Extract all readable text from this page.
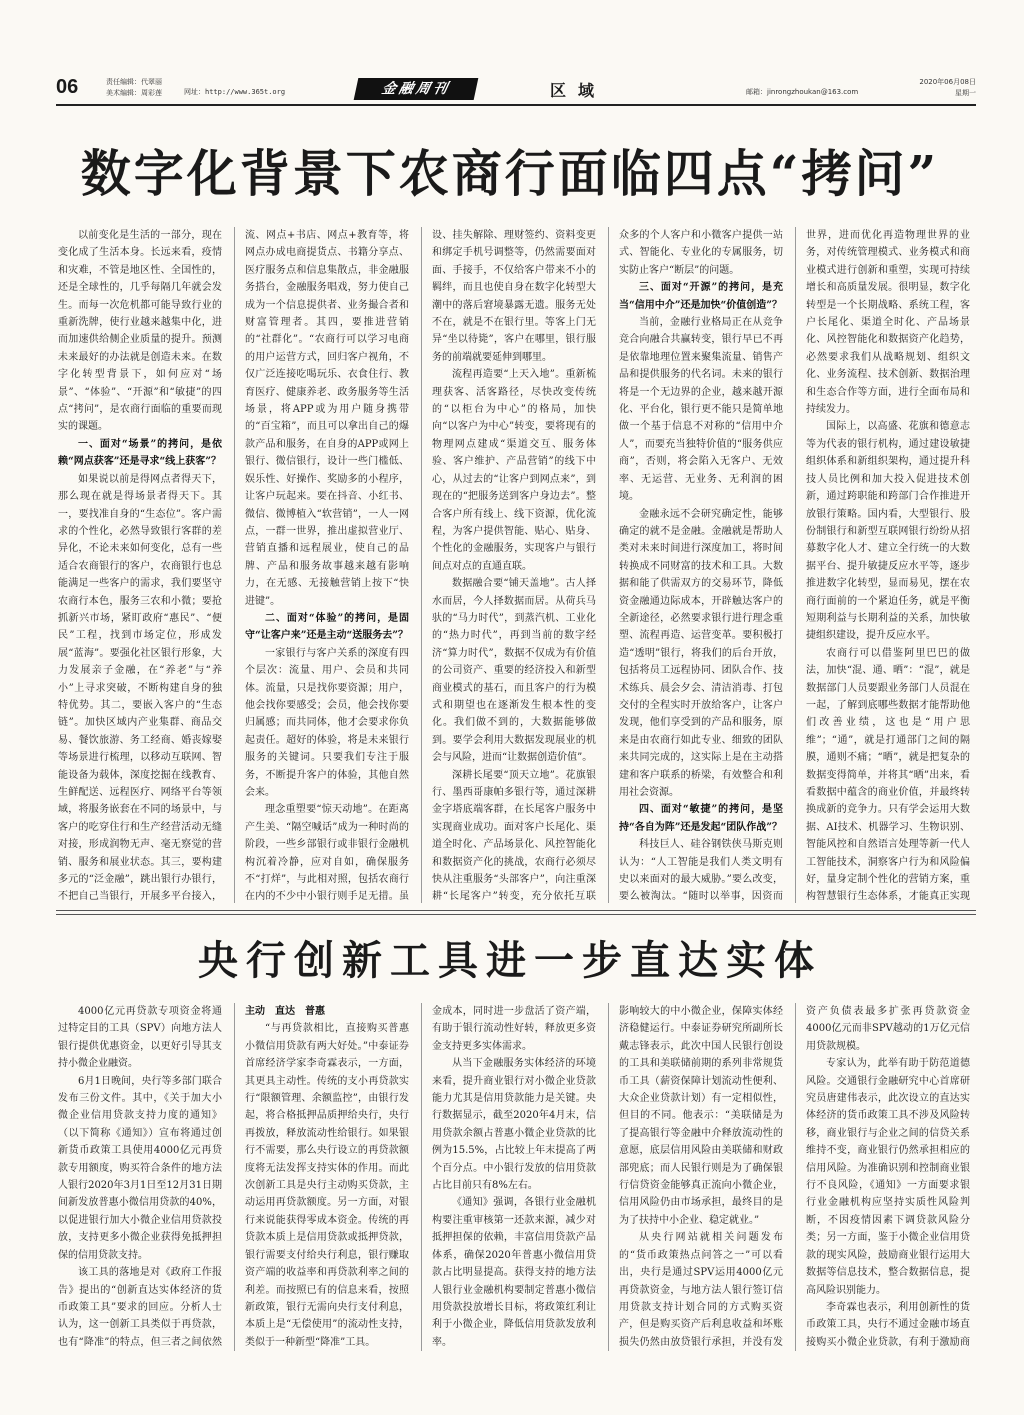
06	责任编辑：代翠丽
美术编辑：周彩莲	网址：http://www.365t.org	金融周刊	区域	邮箱：jinrongzhoukan@163.com
2020年06月08日
星期一
数字化背景下农商行面临四点“拷问”

以前变化是生活的一部分，现在变化成了生活本身。长远来看，疫情和灾难，不管是地区性、全国性的，还是全球性的，几乎每隔几年就会发生。而每一次危机都可能导致行业的重新洗牌，使行业越来越集中化，进而加速供给侧企业质量的提升。预测未来最好的办法就是创造未来。在数字化转型背景下，如何应对“场景”、“体验”、“开源”和“敏捷”的四点“拷问”，是农商行面临的重要而现实的课题。

一、面对“场景”的拷问，是依赖“网点获客”还是寻求“线上获客”？

如果说以前是得网点者得天下，那么现在就是得场景者得天下。其一，要找准自身的“生态位”。客户需求的个性化，必然导致银行客群的差异化，不论未来如何变化，总有一些适合农商银行的客户，农商银行也总能满足一些客户的需求，我们要坚守农商行本色，服务三农和小微；要抢抓新兴市场，紧盯政府“惠民”、“便民”工程，找到市场定位，形成发展“蓝海”。要强化社区银行形象，大力发展亲子金融，在“养老”与“养小”上寻求突破，不断构建自身的独特优势。其二，要嵌入客户的“生态链”。加快区域内产业集群、商品交易、餐饮旅游、务工经商、婚丧嫁娶等场景进行梳理，以移动互联网、智能设备为载体，深度挖掘在线教育、生鲜配送、远程医疗、网络平台等领域，将服务嵌套在不同的场景中，与客户的吃穿住行和生产经营活动无缝对接，形成润物无声、毫无察觉的营销、服务和展业状态。其三，要构建多元的“泛金融”，跳出银行办银行，不把自己当银行，开展多平台接入，

流、网点+书店、网点+教育等，将网点办成电商提货点、书籍分享点、医疗服务点和信息集散点，非金融服务搭台，金融服务唱戏，努力使自己成为一个信息提供者、业务撮合者和财富管理者。其四，要推进营销的“社群化”。“农商行可以学习电商的用户运营方式，回归客户视角，不仅广泛连接吃喝玩乐、衣食住行、教育医疗、健康养老、政务服务等生活场景，将APP或为用户随身携带的“百宝箱”，而且可以拿出自己的爆款产品和服务，在自身的APP或网上银行、微信银行，设计一些门槛低、娱乐性、好操作、奖励多的小程序，让客户玩起来。要在抖音、小红书、微信、微博植入“软营销”，一人一网点，一群一世界，推出虚拟营业厅、营销直播和远程展业，使自己的品牌、产品和服务故事越来越有影响力，在无感、无接触营销上按下“快进键”。

二、面对“体验”的拷问，是固守“让客户来”还是主动“送服务去”？

一家银行与客户关系的深度有四个层次：流量、用户、会员和共同体。流量，只是找你要资源；用户，他会找你要感受；会员，他会找你要归属感；而共同体，他才会要求你负起责任。超好的体验，将是未来银行服务的关键词。只要我们专注于服务，不断提升客户的体验，其他自然会来。

理念重塑要“惊天动地”。在距离产生美、“隔空喊话”成为一种时尚的阶段，一些乡部银行或非银行金融机构沉着冷静，应对自如，确保服务不“打烊”，与此相对照，包括农商行在内的不少中小银行则手足无措。虽

设、挂失解除、理财签约、资料变更和绑定手机号调整等，仍然需要面对面、手接手，不仅给客户带来不小的羁绊，而且也使自身在数字化转型大潮中的落后窘境暴露无遗。服务无处不在，就是不在银行里。等客上门无异“坐以待毙”，客户在哪里，银行服务的前端就要延伸到哪里。

流程再造要“上天入地”。重新梳理获客、活客路径，尽快改变传统的“以柜台为中心”的格局，加快向“以客户为中心”转变，要将现有的物理网点建成“渠道交互、服务体验、客户维护、产品营销”的线下中心，从过去的“让客户到网点来”，到现在的“把服务送到客户身边去”。整合客户所有线上、线下资源，优化流程，为客户提供智能、贴心、贴身、个性化的金融服务，实现客户与银行间点对点的直通直联。

数据融合要“铺天盖地”。古人择水而居，今人择数据而居。从荷兵马驮的“马力时代”，到蒸汽机、工业化的“热力时代”，再到当前的数字经济“算力时代”，数据不仅成为有价值的公司资产、重要的经济投入和新型商业模式的基石，而且客户的行为模式和期望也在逐渐发生根本性的变化。我们做不到的，大数据能够做到。要学会利用大数据发现展业的机会与风险，进而“让数据创造价值”。

深耕长尾要“顶天立地”。花旗银行、墨西哥康帕多银行等，通过深耕金字塔底端客群，在长尾客户服务中实现商业成功。面对客户长尾化、渠道全时化、产品场景化、风控智能化和数据资产化的挑战，农商行必须尽快从注重服务“头部客户”，向注重深耕“长尾客户”转变，充分依托互联

众多的个人客户和小微客户提供一站式、智能化、专业化的专属服务，切实防止客户“断层”的问题。

三、面对“开源”的拷问，是充当“信用中介”还是加快“价值创造”？

当前，金融行业格局正在从竞争竞合向融合共赢转变，银行早已不再是依靠地理位置来聚集流量、销售产品和提供服务的代名词。未来的银行将是一个无边界的企业，越来越开源化、平台化，银行更不能只是简单地做一个基于信息不对称的“信用中介人”，而要充当独特价值的“服务供应商”，否则，将会陷入无客户、无效率、无运营、无业务、无利润的困境。

金融永远不会研究确定性，能够确定的就不是金融。金融就是帮助人类对未来时间进行深度加工，将时间转换成不同财富的技术和工具。大数据和能了供需双方的交易环节，降低资金融通边际成本，开辟触达客户的全新途径，必然要求银行进行理念重塑、流程再造、运营变革。要积极打造“透明”银行，将我们的后台开放，包括将员工远程协同、团队合作、技术练兵、晨会夕会、清洁消毒、打包交付的全程实时开放给客户，让客户发现，他们享受到的产品和服务，原来是由农商行如此专业、细致的团队来共同完成的，这实际上是在主动搭建和客户联系的桥梁，有效整合和利用社会资源。

四、面对“敏捷”的拷问，是坚持“各自为阵”还是发起“团队作战”？

科技巨人、硅谷钢铁侠马斯克则认为：“人工智能是我们人类文明有史以来面对的最大威胁。”要么改变，要么被淘汰。“随时以举事，因资而

世界，进而优化再造物理世界的业务，对传统管理模式、业务模式和商业模式进行创新和重塑，实现可持续增长和高质量发展。很明显，数字化转型是一个长期战略、系统工程，客户长尾化、渠道全时化、产品场景化、风控智能化和数据资产化趋势，必然要求我们从战略规划、组织文化、业务流程、技术创新、数据治理和生态合作等方面，进行全面布局和持续发力。

国际上，以高盛、花旗和德意志等为代表的银行机构，通过建设敏捷组织体系和新组织架构，通过提升科技人员比例和加大投入促进技术创新，通过跨职能和跨部门合作推进开放银行策略。国内看，大型银行、股份制银行和新型互联网银行纷纷从招募数字化人才、建立全行统一的大数据平台、提升敏捷反应水平等，逐步推进数字化转型，显而易见，摆在农商行面前的一个紧迫任务，就是平衡短期利益与长期利益的关系，加快敏捷组织建设，提升反应水平。

农商行可以借鉴阿里巴巴的做法，加快“混、通、晒”：“混”，就是数据部门人员要跟业务部门人员混在一起，了解到底哪些数据才能帮助他们改善业绩，这也是“用户思维”；“通”，就是打通部门之间的隔膜，通则不痛；“晒”，就是把复杂的数据变得简单，并将其“晒”出来，看看数据中蕴含的商业价值，并最终转换成新的竞争力。只有学会运用大数据、AI技术、机器学习、生物识别、智能风控和自然语言处理等新一代人工智能技术，洞察客户行为和风险偏好，量身定制个性化的营销方案，重构智慧银行生态体系，才能真正实现

央行创新工具进一步直达实体

4000亿元再贷款专项资金将通过特定目的工具（SPV）向地方法人银行提供优惠资金，以更好引导其支持小微企业融资。

6月1日晚间，央行等多部门联合发布三份文件。其中，《关于加大小微企业信用贷款支持力度的通知》（以下简称《通知》）宣布将通过创新货币政策工具使用4000亿元再贷款专用额度，购买符合条件的地方法人银行2020年3月1日至12月31日期间新发放普惠小微信用贷款的40%，以促进银行加大小微企业信用贷款投放，支持更多小微企业获得免抵押担保的信用贷款支持。

该工具的落地是对《政府工作报告》提出的“创新直达实体经济的货币政策工具”要求的回应。分析人士认为，这一创新工具类似于再贷款，也有“降准”的特点，但三者之间依然

主动　直达　普惠

“与再贷款相比，直接购买普惠小微信用贷款有两大好处。”中泰证券首席经济学家李奇霖表示，一方面，其更具主动性。传统的支小再贷款实行“限额管理、余额监控”，由银行发起，将合格抵押品质押给央行，央行再拨放，释放流动性给银行。如果银行不需要，那么央行设立的再贷款额度将无法发挥支持实体的作用。而此次创新工具是央行主动购买贷款，主动运用再贷款额度。另一方面，对银行来说能获得零成本资金。传统的再贷款本质上是信用贷款或抵押贷款，银行需要支付给央行利息，银行赚取资产端的收益率和再贷款利率之间的利差。而按照已有的信息来看，按照新政策，银行无需向央行支付利息，本质上是“无偿使用”的流动性支持，类似于一种新型“降准”工具。

金成本，同时进一步盘活了资产端，有助于银行流动性好转，释放更多资金支持更多实体需求。

从当下金融服务实体经济的环境来看，提升商业银行对小微企业贷款能力尤其是信用贷款能力是关键。央行数据显示，截至2020年4月末，信用贷款余额占普惠小微企业贷款的比例为15.5%，占比较上年末提高了两个百分点。中小银行发放的信用贷款占比目前只有8%左右。

《通知》强调，各银行业金融机构要注重审核第一还款来源，减少对抵押担保的依赖，丰富信用贷款产品体系，确保2020年普惠小微信用贷款占比明显提高。获得支持的地方法人银行业金融机构要制定普惠小微信用贷款投放增长目标，将政策红利让利于小微企业，降低信用贷款发放利率。

影响较大的中小微企业，保障实体经济稳健运行。中泰证券研究所副所长戴志锋表示，此次中国人民银行创设的工具和美联储前期的系列非常规货币工具（薪资保障计划流动性便利、大众企业贷款计划）有一定相似性，但目的不同。他表示：“美联储是为了提高银行等金融中介释放流动性的意愿，底层信用风险由美联储和财政部兜底；而人民银行则是为了确保银行信贷资金能够真正流向小微企业，信用风险仍由市场承担，最终目的是为了扶持中小企业、稳定就业。”

从央行网站就相关问题发布的“货币政策热点问答之一”可以看出，央行是通过SPV运用4000亿元再贷款资金，与地方法人银行签订信用贷款支持计划合同的方式购买资产，但是购买资产后利息收益和坏账损失仍然由放贷银行承担，并没有发

资产负债表最多扩张再贷款资金4000亿元而非SPV越动的1万亿元信用贷款规模。

专家认为，此举有助于防范道德风险。交通银行金融研究中心首席研究员唐建伟表示，此次设立的直达实体经济的货币政策工具不涉及风险转移，商业银行与企业之间的信贷关系维持不变，商业银行仍然承担相应的信用风险。为准确识别和控制商业银行不良风险，《通知》一方面要求银行业金融机构应坚持实质性风险判断，不因疫情因素下调贷款风险分类；另一方面，鉴于小微企业信用贷款的现实风险，鼓励商业银行运用大数据等信息技术，整合数据信息，提高风险识别能力。

李奇霖也表示，利用创新性的货币政策工具，央行不通过金融市场直接购买小微企业贷款，有利于激励商
